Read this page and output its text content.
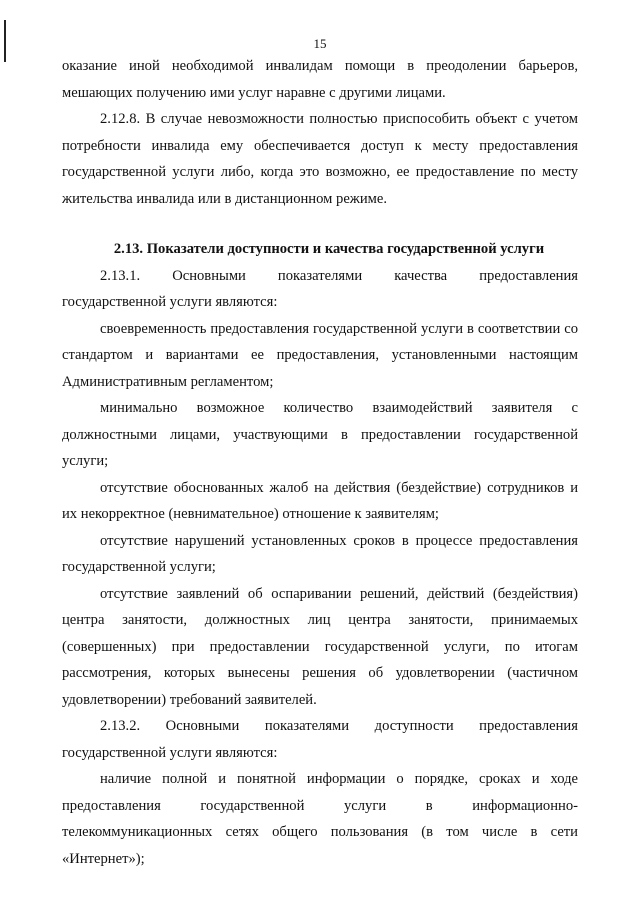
15

оказание иной необходимой инвалидам помощи в преодолении барьеров, мешающих получению ими услуг наравне с другими лицами.

2.12.8. В случае невозможности полностью приспособить объект с учетом потребности инвалида ему обеспечивается доступ к месту предоставления государственной услуги либо, когда это возможно, ее предоставление по месту жительства инвалида или в дистанционном режиме.

2.13. Показатели доступности и качества государственной услуги

2.13.1. Основными показателями качества предоставления

государственной услуги являются:

своевременность предоставления государственной услуги в соответствии со стандартом и вариантами ее предоставления, установленными настоящим Административным регламентом;

минимально возможное количество взаимодействий заявителя с должностными лицами, участвующими в предоставлении государственной услуги;

отсутствие обоснованных жалоб на действия (бездействие) сотрудников и их некорректное (невнимательное) отношение к заявителям;

отсутствие нарушений установленных сроков в процессе предоставления государственной услуги;

отсутствие заявлений об оспаривании решений, действий (бездействия) центра занятости, должностных лиц центра занятости, принимаемых (совершенных) при предоставлении государственной услуги, по итогам рассмотрения, которых вынесены решения об удовлетворении (частичном удовлетворении) требований заявителей.

2.13.2. Основными показателями доступности предоставления

государственной услуги являются:

наличие полной и понятной информации о порядке, сроках и ходе предоставления государственной услуги в информационно-телекоммуникационных сетях общего пользования (в том числе в сети «Интернет»);
